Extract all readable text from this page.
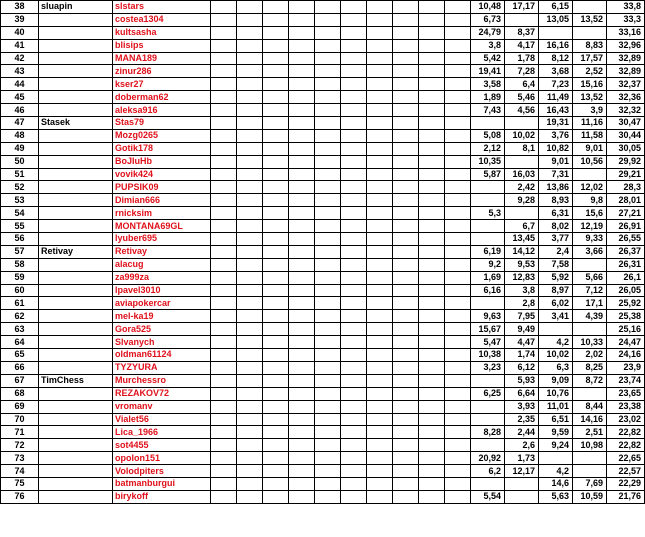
38	sluapin	slstars											10,48	17,17	6,15		33,8
39		costea1304											6,73		13,05	13,52	33,3
40		kultsasha											24,79	8,37			33,16
41		blisips											3,8	4,17	16,16	8,83	32,96
42		MANA189											5,42	1,78	8,12	17,57	32,89
43		zinur286											19,41	7,28	3,68	2,52	32,89
44		kser27											3,58	6,4	7,23	15,16	32,37
45		doberman62											1,89	5,46	11,49	13,52	32,36
46		aleksa916											7,43	4,56	16,43	3,9	32,32
47	Stasek	Stas79													19,31	11,16	30,47
48		Mozg0265											5,08	10,02	3,76	11,58	30,44
49		Gotik178											2,12	8,1	10,82	9,01	30,05
50		BoJIuHb											10,35		9,01	10,56	29,92
51		vovik424											5,87	16,03	7,31		29,21
52		PUPSIK09												2,42	13,86	12,02	28,3
53		Dimian666												9,28	8,93	9,8	28,01
54		rnicksim											5,3		6,31	15,6	27,21
55		MONTANA69GL												6,7	8,02	12,19	26,91
56		lyuber695												13,45	3,77	9,33	26,55
57	Retivay	Retivay											6,19	14,12	2,4	3,66	26,37
58		alacug											9,2	9,53	7,58		26,31
59		za999za											1,69	12,83	5,92	5,66	26,1
60		lpavel3010											6,16	3,8	8,97	7,12	26,05
61		aviapokercar												2,8	6,02	17,1	25,92
62		mel-ka19											9,63	7,95	3,41	4,39	25,38
63		Gora525											15,67	9,49			25,16
64		Slvanych											5,47	4,47	4,2	10,33	24,47
65		oldman61124											10,38	1,74	10,02	2,02	24,16
66		TYZYURA											3,23	6,12	6,3	8,25	23,9
67	TimChess	Murchessro												5,93	9,09	8,72	23,74
68		REZAKOV72											6,25	6,64	10,76		23,65
69		vromanv												3,93	11,01	8,44	23,38
70		Vialet56												2,35	6,51	14,16	23,02
71		Lica_1966											8,28	2,44	9,59	2,51	22,82
72		sot4455												2,6	9,24	10,98	22,82
73		opolon151											20,92	1,73			22,65
74		Volodpiters											6,2	12,17	4,2		22,57
75		batmanburgui													14,6	7,69	22,29
76		birykoff											5,54		5,63	10,59	21,76
